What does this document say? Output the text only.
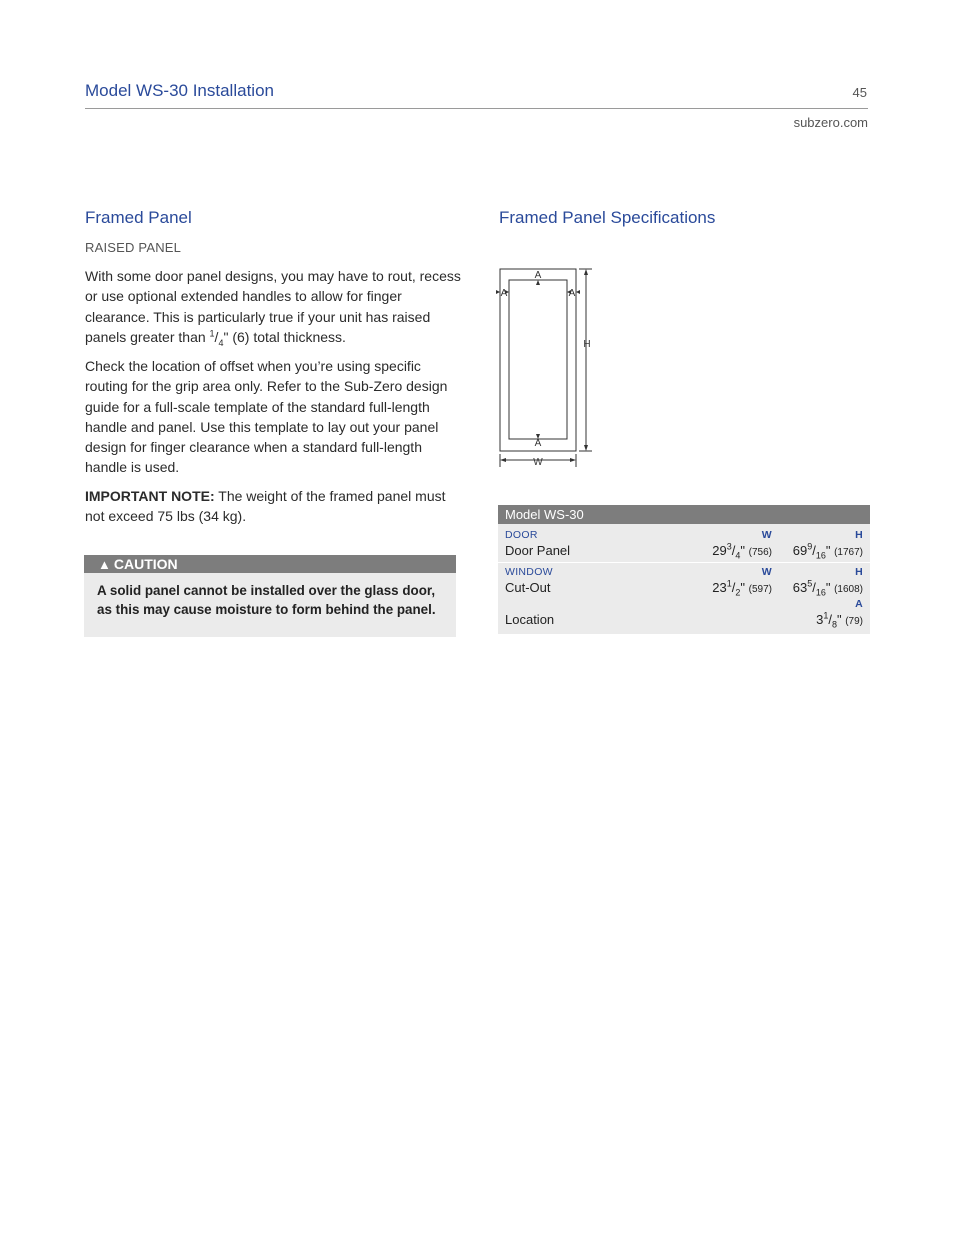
Model WS-30 Installation	45
subzero.com
Framed Panel
RAISED PANEL
With some door panel designs, you may have to rout, recess or use optional extended handles to allow for finger clearance. This is particularly true if your unit has raised panels greater than $^1/_4$" (6) total thickness.
Check the location of offset when you’re using specific routing for the grip area only. Refer to the Sub-Zero design guide for a full-scale template of the standard full-length handle and panel. Use this template to lay out your panel design for finger clearance when a standard full-length handle is used.
IMPORTANT NOTE: The weight of the framed panel must not exceed 75 lbs (34 kg).
▲ CAUTION
A solid panel cannot be installed over the glass door, as this may cause moisture to form behind the panel.
Framed Panel Specifications
A
A	A
A
H
W
Model WS-30
DOOR	W	H
Door Panel	$29^3/_4$" (756) $69^9/_{16}$" (1767)
WINDOW	W	H
Cut-Out	$23^1/_2$" (597) $63^5/_{16}$" (1608)
A
Location	$3^1/_8$" (79)
